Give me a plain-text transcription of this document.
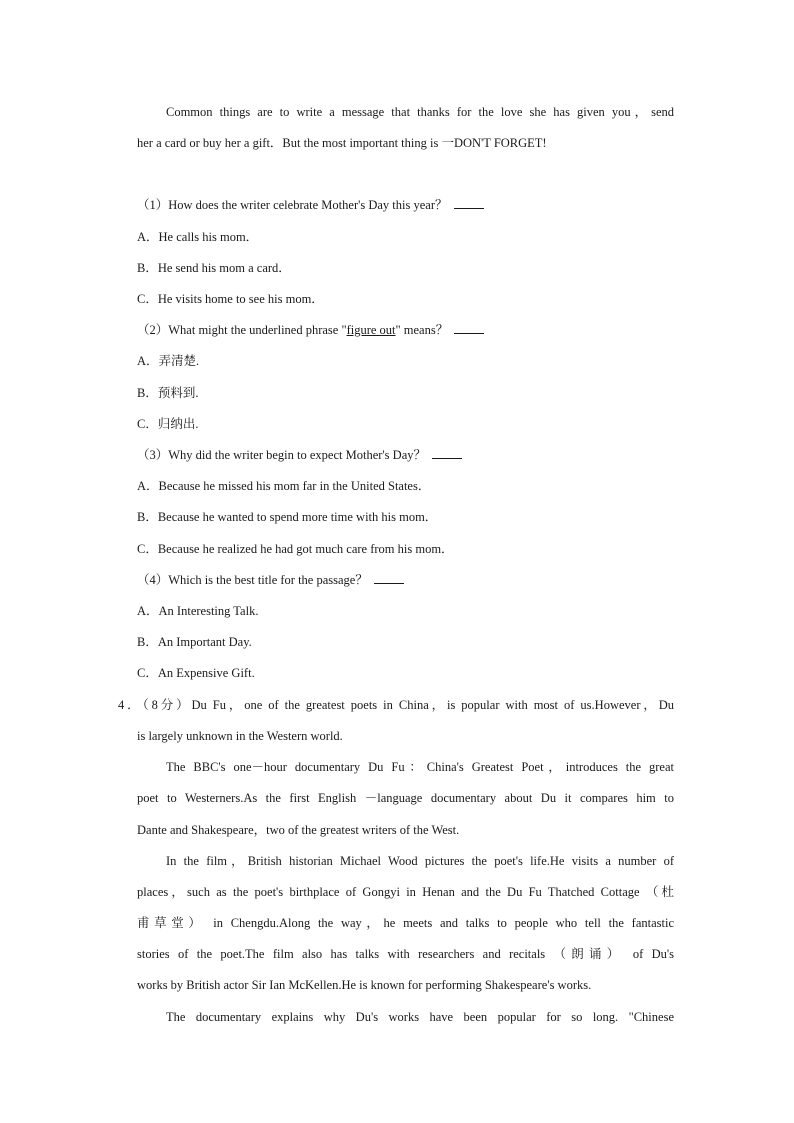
Common things are to write a message that thanks for the love she has given you，send
her a card or buy her a gift．But the most important thing is 一DON'T FORGET!
（1）How does the writer celebrate Mother's Day this year？
A．He calls his mom．
B．He send his mom a card．
C．He visits home to see his mom．
（2）What might the underlined phrase "figure out" means？
A．弄清楚.
B．预料到.
C．归纳出.
（3）Why did the writer begin to expect Mother's Day？
A．Because he missed his mom far in the United States．
B．Because he wanted to spend more time with his mom．
C．Because he realized he had got much care from his mom．
（4）Which is the best title for the passage？
A．An Interesting Talk.
B．An Important Day.
C．An Expensive Gift.
4．（8分）Du Fu，one of the greatest poets in China，is popular with most of us.However，Du
is largely unknown in the Western world.
The BBC's one－hour documentary Du Fu：China's Greatest Poet，introduces the great
poet to Westerners.As the first English －language documentary about Du it compares him to
Dante and Shakespeare，two of the greatest writers of the West.
In the film，British historian Michael Wood pictures the poet's life.He visits a number of
places，such as the poet's birthplace of Gongyi in Henan and the Du Fu Thatched Cottage （杜
甫草堂） in Chengdu.Along the way，he meets and talks to people who tell the fantastic
stories of the poet.The film also has talks with researchers and recitals （朗诵） of Du's
works by British actor Sir Ian McKellen.He is known for performing Shakespeare's works.
The documentary explains why Du's works have been popular for so long. "Chinese
